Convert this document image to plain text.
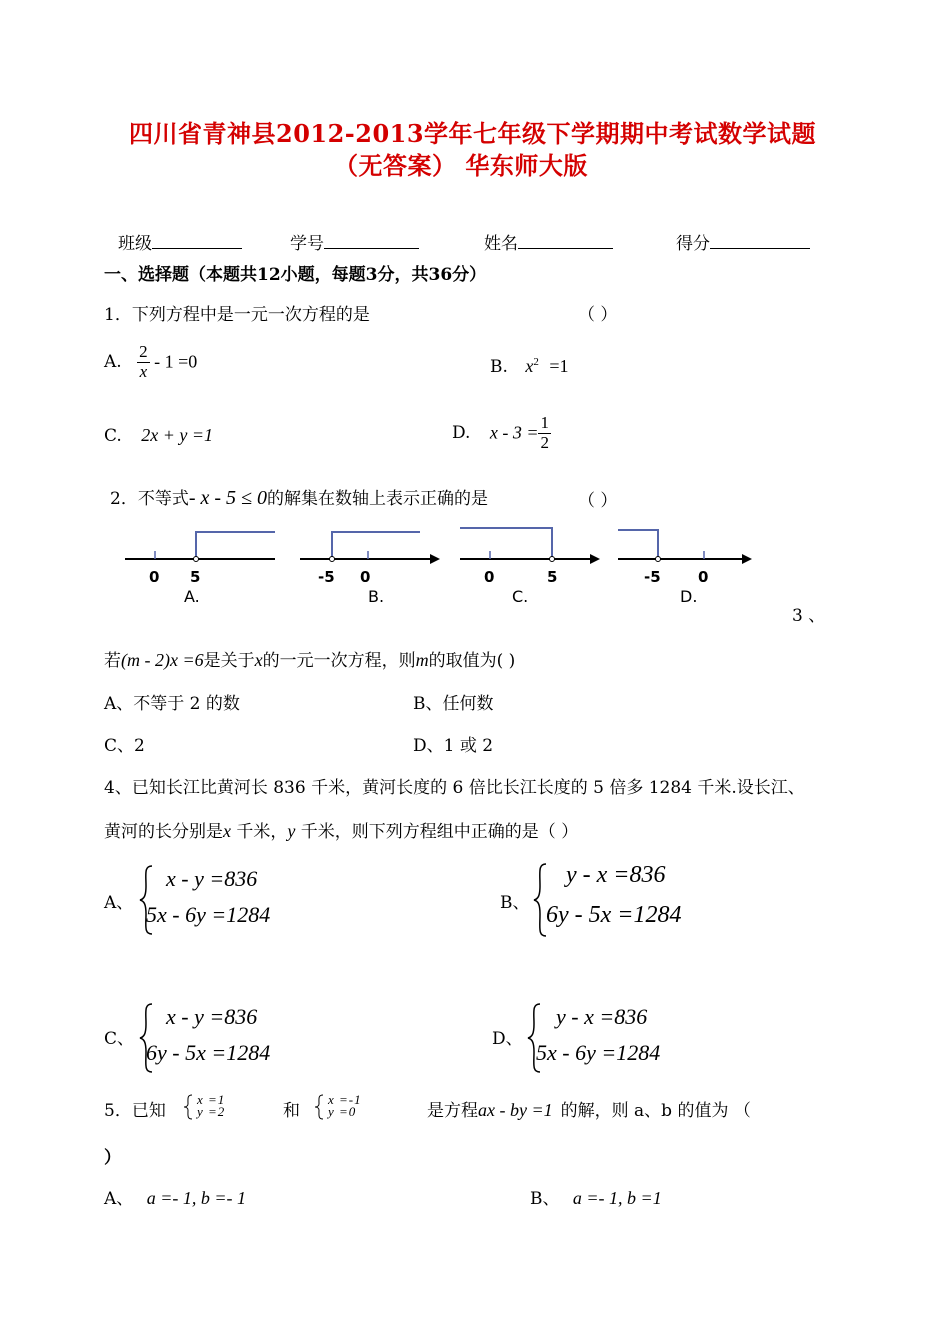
四川省青神县2012-2013学年七年级下学期期中考试数学试题
（无答案） 华东师大版
班级	学号	姓名	得分
一、选择题（本题共12小题，每题3分，共36分）
1．下列方程中是一元一次方程的是	（ ）
A. $\frac{2}{x} - 1 =0$	B. $x^2 =1$
C. 2x + y =1	D. $x - 3 = \frac{1}{2}$
2．不等式- x - 5 ≤ 0的解集在数轴上表示正确的是	（ ）
0 5
A.
-5 0
B.
0	5
C.
-5 0
D.
3 、
若(m - 2)x =6是关于x的一元一次方程，则m的取值为( )
A、不等于 2 的数	B、任何数
C、2	D、1 或 2
4、已知长江比黄河长 836 千米，黄河长度的 6 倍比长江长度的 5 倍多 1284 千米.设长江、
黄河的长分别是x 千米，y 千米，则下列方程组中正确的是（ ）
A、
x - y =836
5x - 6y =1284	B、
y - x =836
6y - 5x =1284
C、
x - y =836
6y - 5x =1284
D、
y - x =836
5x - 6y =1284
5．已知
x =1
y =2	和
x =-1
y =0	是方程ax - by =1 的解，则 a、b 的值为 （
）
A、 a =- 1, b =- 1	B、 a =- 1, b =1
